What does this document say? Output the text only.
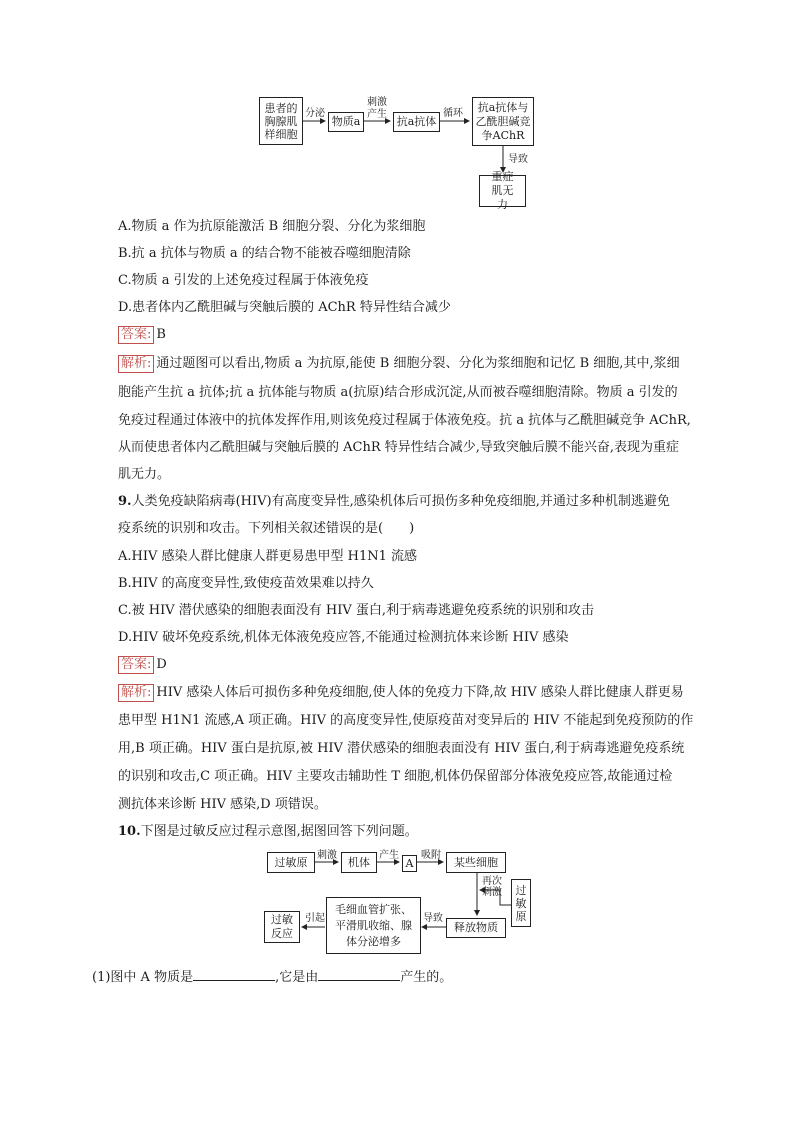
患者的胸腺肌样细胞
分泌
物质a
刺激
产生
抗a抗体
循环	抗a抗体与乙酰胆碱竞争AChR
导致
重症肌无力
A.物质 a 作为抗原能激活 B 细胞分裂、分化为浆细胞
B.抗 a 抗体与物质 a 的结合物不能被吞噬细胞清除
C.物质 a 引发的上述免疫过程属于体液免疫
D.患者体内乙酰胆碱与突触后膜的 AChR 特异性结合减少
答案: B
解析: 通过题图可以看出,物质 a 为抗原,能使 B 细胞分裂、分化为浆细胞和记忆 B 细胞,其中,浆细
胞能产生抗 a 抗体;抗 a 抗体能与物质 a(抗原)结合形成沉淀,从而被吞噬细胞清除。物质 a 引发的
免疫过程通过体液中的抗体发挥作用,则该免疫过程属于体液免疫。抗 a 抗体与乙酰胆碱竞争 AChR,
从而使患者体内乙酰胆碱与突触后膜的 AChR 特异性结合减少,导致突触后膜不能兴奋,表现为重症
肌无力。
9.人类免疫缺陷病毒(HIV)有高度变异性,感染机体后可损伤多种免疫细胞,并通过多种机制逃避免
疫系统的识别和攻击。下列相关叙述错误的是(　　)
A.HIV 感染人群比健康人群更易患甲型 H1N1 流感
B.HIV 的高度变异性,致使疫苗效果难以持久
C.被 HIV 潜伏感染的细胞表面没有 HIV 蛋白,利于病毒逃避免疫系统的识别和攻击
D.HIV 破坏免疫系统,机体无体液免疫应答,不能通过检测抗体来诊断 HIV 感染
答案: D
解析: HIV 感染人体后可损伤多种免疫细胞,使人体的免疫力下降,故 HIV 感染人群比健康人群更易
患甲型 H1N1 流感,A 项正确。HIV 的高度变异性,使原疫苗对变异后的 HIV 不能起到免疫预防的作
用,B 项正确。HIV 蛋白是抗原,被 HIV 潜伏感染的细胞表面没有 HIV 蛋白,利于病毒逃避免疫系统
的识别和攻击,C 项正确。HIV 主要攻击辅助性 T 细胞,机体仍保留部分体液免疫应答,故能通过检
测抗体来诊断 HIV 感染,D 项错误。
10.下图是过敏反应过程示意图,据图回答下列问题。
过敏原 刺激	机体 产生
A
吸附	某些细胞
再次刺激	过敏原
释放物质
导致
毛细血管扩张、平滑肌收缩、腺体分泌增多
引起
过敏反应
(1)图中 A 物质是	,它是由	产生的。
